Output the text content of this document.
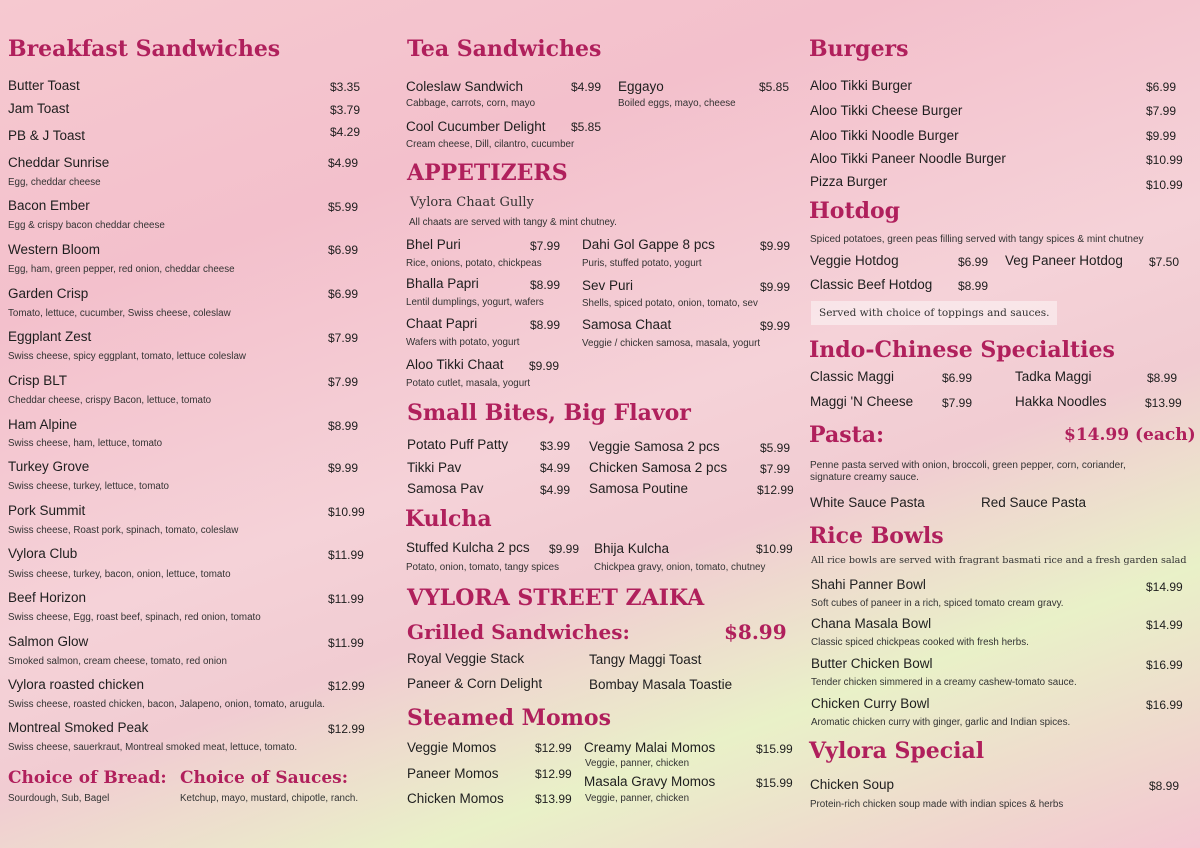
Breakfast Sandwiches
Butter Toast	$3.35
Jam Toast	$3.79
PB & J Toast	$4.29
Cheddar Sunrise	$4.99
Egg, cheddar cheese
Bacon Ember	$5.99
Egg & crispy bacon cheddar cheese
Western Bloom	$6.99
Egg, ham, green pepper, red onion, cheddar cheese
Garden Crisp	$6.99
Tomato, lettuce, cucumber, Swiss cheese, coleslaw
Eggplant Zest	$7.99
Swiss cheese, spicy eggplant, tomato, lettuce coleslaw
Crisp BLT	$7.99
Cheddar cheese, crispy Bacon, lettuce, tomato
Ham Alpine	$8.99
Swiss cheese, ham, lettuce, tomato
Turkey Grove	$9.99
Swiss cheese, turkey, lettuce, tomato
Pork Summit	$10.99
Swiss cheese, Roast pork, spinach, tomato, coleslaw
Vylora Club	$11.99
Swiss cheese, turkey, bacon, onion, lettuce, tomato
Beef Horizon	$11.99
Swiss cheese, Egg, roast beef, spinach, red onion, tomato
Salmon Glow	$11.99
Smoked salmon, cream cheese, tomato, red onion
Vylora roasted chicken	$12.99
Swiss cheese, roasted chicken, bacon, Jalapeno, onion, tomato, arugula.
Montreal Smoked Peak	$12.99
Swiss cheese, sauerkraut, Montreal smoked meat, lettuce, tomato.
Choice of Bread:
Sourdough, Sub, Bagel
Choice of Sauces:
Ketchup, mayo, mustard, chipotle, ranch.
Tea Sandwiches
Coleslaw Sandwich	$4.99
Cabbage, carrots, corn, mayo
Eggayo	$5.85
Boiled eggs, mayo, cheese
Cool Cucumber Delight $5.85
Cream cheese, Dill, cilantro, cucumber
APPETIZERS
Vylora Chaat Gully
All chaats are served with tangy & mint chutney.
Bhel Puri	$7.99
Rice, onions, potato, chickpeas
Dahi Gol Gappe 8 pcs	$9.99
Puris, stuffed potato, yogurt
Bhalla Papri	$8.99
Lentil dumplings, yogurt, wafers
Sev Puri	$9.99
Shells, spiced potato, onion, tomato, sev
Chaat Papri	$8.99
Wafers with potato, yogurt
Samosa Chaat	$9.99
Veggie / chicken samosa, masala, yogurt
Aloo Tikki Chaat $9.99
Potato cutlet, masala, yogurt
Small Bites, Big Flavor
Potato Puff Patty	$3.99 Veggie Samosa 2 pcs	$5.99
Tikki Pav	$4.99 Chicken Samosa 2 pcs	$7.99
Samosa Pav	$4.99 Samosa Poutine	$12.99
Kulcha
Stuffed Kulcha 2 pcs $9.99
Potato, onion, tomato, tangy spices
Bhija Kulcha	$10.99
Chickpea gravy, onion, tomato, chutney
VYLORA STREET ZAIKA
Grilled Sandwiches:	$8.99
Royal Veggie Stack	Tangy Maggi Toast
Paneer & Corn Delight	Bombay Masala Toastie
Steamed Momos
Veggie Momos	$12.99 Creamy Malai Momos	$15.99
Veggie, panner, chicken
Paneer Momos	$12.99 Masala Gravy Momos	$15.99
Veggie, panner, chicken
Chicken Momos	$13.99
Burgers
Aloo Tikki Burger	$6.99
Aloo Tikki Cheese Burger	$7.99
Aloo Tikki Noodle Burger	$9.99
Aloo Tikki Paneer Noodle Burger	$10.99
Pizza Burger	$10.99
Hotdog
Spiced potatoes, green peas filling served with tangy spices & mint chutney
Veggie Hotdog	$6.99 Veg Paneer Hotdog $7.50
Classic Beef Hotdog $8.99
Served with choice of toppings and sauces.
Indo-Chinese Specialties
Classic Maggi	$6.99	Tadka Maggi	$8.99
Maggi 'N Cheese $7.99	Hakka Noodles	$13.99
Pasta:	$14.99 (each)
Penne pasta served with onion, broccoli, green pepper, corn, coriander,
signature creamy sauce.
White Sauce Pasta	Red Sauce Pasta
Rice Bowls
All rice bowls are served with fragrant basmati rice and a fresh garden salad
Shahi Panner Bowl	$14.99
Soft cubes of paneer in a rich, spiced tomato cream gravy.
Chana Masala Bowl	$14.99
Classic spiced chickpeas cooked with fresh herbs.
Butter Chicken Bowl	$16.99
Tender chicken simmered in a creamy cashew-tomato sauce.
Chicken Curry Bowl	$16.99
Aromatic chicken curry with ginger, garlic and Indian spices.
Vylora Special
Chicken Soup	$8.99
Protein-rich chicken soup made with indian spices & herbs
